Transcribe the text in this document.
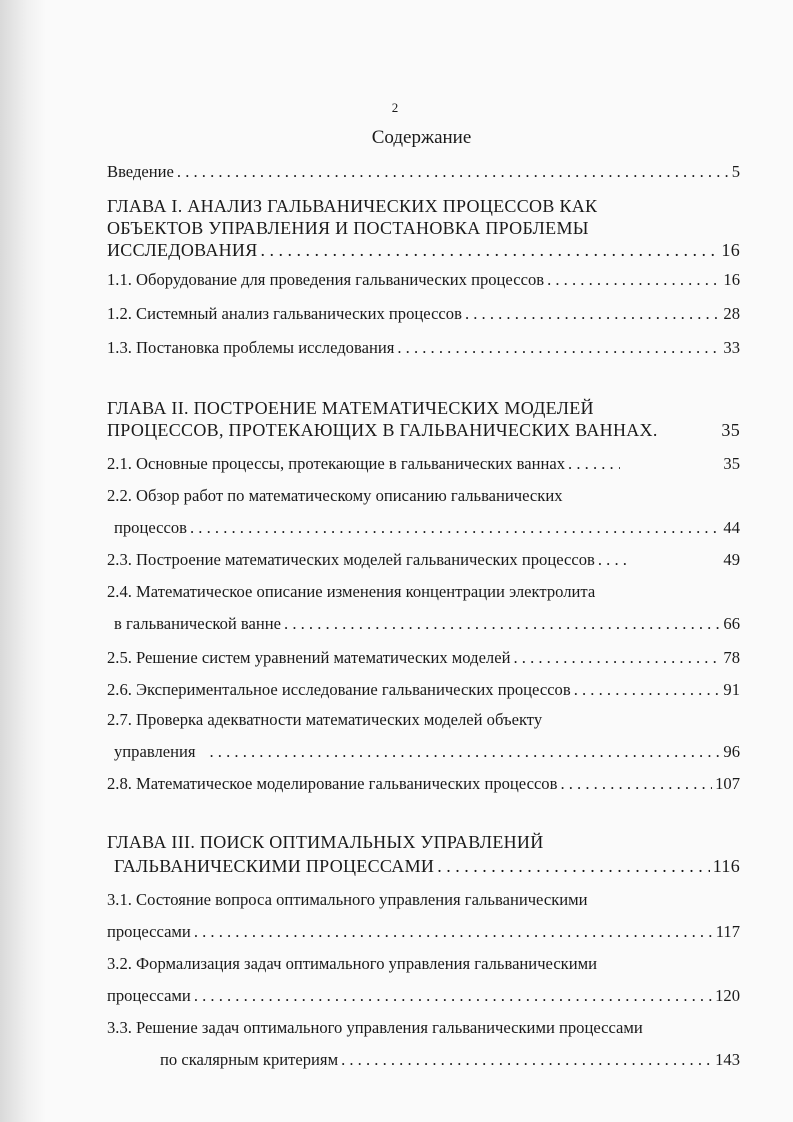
2
Содержание
Введение . . .	5
ГЛАВА I. АНАЛИЗ ГАЛЬВАНИЧЕСКИХ ПРОЦЕССОВ КАК
ОБЪЕКТОВ УПРАВЛЕНИЯ И ПОСТАНОВКА ПРОБЛЕМЫ
ИССЛЕДОВАНИЯ . . .	16
1.1. Оборудование для проведения гальванических процессов . . .	16
1.2. Системный анализ гальванических процессов . . .	28
1.3. Постановка проблемы исследования . . .	33
ГЛАВА II. ПОСТРОЕНИЕ МАТЕМАТИЧЕСКИХ МОДЕЛЕЙ
ПРОЦЕССОВ, ПРОТЕКАЮЩИХ В ГАЛЬВАНИЧЕСКИХ ВАННАХ.	35
2.1. Основные процессы, протекающие в гальванических ваннах . . .	35
2.2. Обзор работ по математическому описанию гальванических
процессов . . .	44
2.3. Построение математических моделей гальванических процессов . . .	49
2.4. Математическое описание изменения концентрации электролита
в гальванической ванне . . .	66
2.5. Решение систем уравнений математических моделей . . .	78
2.6. Экспериментальное исследование гальванических процессов . . .	91
2.7. Проверка адекватности математических моделей объекту
управления . . .	96
2.8. Математическое моделирование гальванических процессов . . .	107
ГЛАВА III. ПОИСК ОПТИМАЛЬНЫХ УПРАВЛЕНИЙ
ГАЛЬВАНИЧЕСКИМИ ПРОЦЕССАМИ . . .	116
3.1. Состояние вопроса оптимального управления гальваническими
процессами . . .	117
3.2. Формализация задач оптимального управления гальваническими
процессами . . .	120
3.3. Решение задач оптимального управления гальваническими процессами
по скалярным критериям . . .	143
